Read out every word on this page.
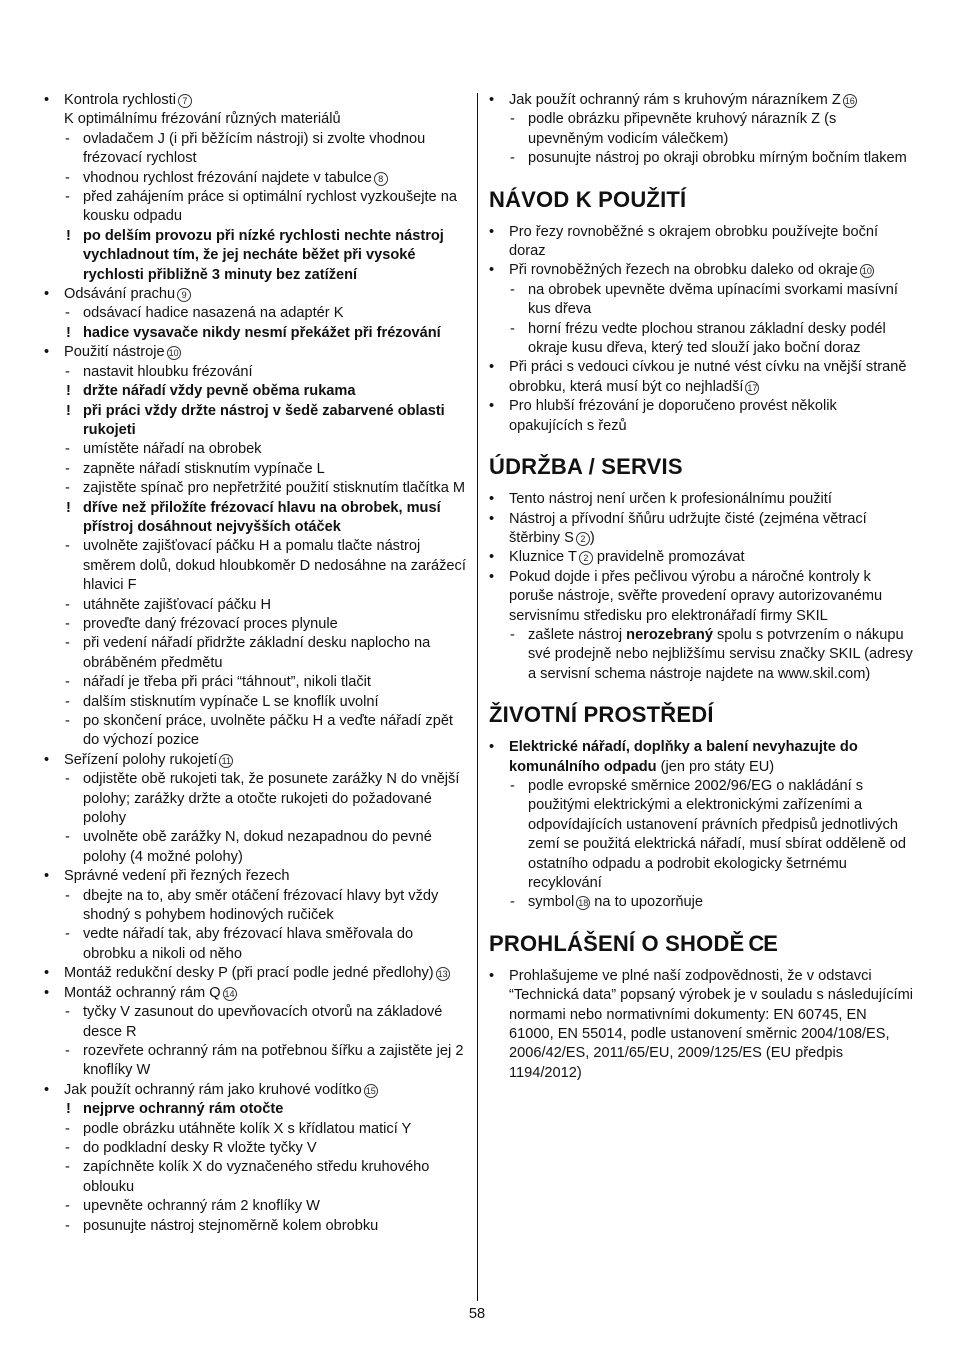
• Kontrola rychlosti 7
K optimálnímu frézování různých materiálů
- ovladačem J (i při běžícím nástroji) si zvolte vhodnou frézovací rychlost
- vhodnou rychlost frézování najdete v tabulce 8
- před zahájením práce si optimální rychlost vyzkoušejte na kousku odpadu
! po delším provozu při nízké rychlosti nechte nástroj vychladnout tím, že jej necháte běžet při vysoké rychlosti přibližně 3 minuty bez zatížení
• Odsávání prachu 9
- odsávací hadice nasazená na adaptér K
! hadice vysavače nikdy nesmí překážet při frézování
• Použití nástroje 10
- nastavit hloubku frézování
! držte nářadí vždy pevně oběma rukama
! při práci vždy držte nástroj v šedě zabarvené oblasti rukojeti
- umístěte nářadí na obrobek
- zapněte nářadí stisknutím vypínače L
- zajistěte spínač pro nepřetržité použití stisknutím tlačítka M
! dříve než přiložíte frézovací hlavu na obrobek, musí přístroj dosáhnout nejvyšších otáček
- uvolněte zajišťovací páčku H a pomalu tlačte nástroj směrem dolů, dokud hloubkoměr D nedosáhne na zarážecí hlavici F
- utáhněte zajišťovací páčku H
- proveďte daný frézovací proces plynule
- při vedení nářadí přidržte základní desku naplocho na obráběném předmětu
- nářadí je třeba při práci “táhnout”, nikoli tlačit
- dalším stisknutím vypínače L se knoflík uvolní
- po skončení práce, uvolněte páčku H a veďte nářadí zpět do výchozí pozice
• Seřízení polohy rukojetí 11
- odjistěte obě rukojeti tak, že posunete zarážky N do vnější polohy; zarážky držte a otočte rukojeti do požadované polohy
- uvolněte obě zarážky N, dokud nezapadnou do pevné polohy (4 možné polohy)
• Správné vedení při řezných řezech
- dbejte na to, aby směr otáčení frézovací hlavy byt vždy shodný s pohybem hodinových ručiček
- vedte nářadí tak, aby frézovací hlava směřovala do obrobku a nikoli od něho
• Montáž redukční desky P (při prací podle jedné předlohy) 13
• Montáž ochranný rám Q 14
- tyčky V zasunout do upevňovacích otvorů na základové desce R
- rozevřete ochranný rám na potřebnou šířku a zajistěte jej 2 knoflíky W
• Jak použít ochranný rám jako kruhové vodítko 15
! nejprve ochranný rám otočte
- podle obrázku utáhněte kolík X s křídlatou maticí Y
- do podkladní desky R vložte tyčky V
- zapíchněte kolík X do vyznačeného středu kruhového oblouku
- upevněte ochranný rám 2 knoflíky W
- posunujte nástroj stejnoměrně kolem obrobku
• Jak použít ochranný rám s kruhovým nárazníkem Z 16
- podle obrázku připevněte kruhový nárazník Z (s upevněným vodicím válečkem)
- posunujte nástroj po okraji obrobku mírným bočním tlakem
NÁVOD K POUŽITÍ
• Pro řezy rovnoběžné s okrajem obrobku používejte boční doraz
• Při rovnoběžných řezech na obrobku daleko od okraje 10
- na obrobek upevněte dvěma upínacími svorkami masívní kus dřeva
- horní frézu vedte plochou stranou základní desky podél okraje kusu dřeva, který ted slouží jako boční doraz
• Při práci s vedouci cívkou je nutné vést cívku na vnější straně obrobku, která musí být co nejhladší 17
• Pro hlubší frézování je doporučeno provést několik opakujících s řezů
ÚDRŽBA / SERVIS
• Tento nástroj není určen k profesionálnímu použití
• Nástroj a přívodní šňůru udržujte čisté (zejména větrací štěrbiny S 2 )
• Kluznice T 2 pravidelně promozávat
• Pokud dojde i přes pečlivou výrobu a náročné kontroly k poruše nástroje, svěřte provedení opravy autorizovanému servisnímu středisku pro elektronářadí firmy SKIL
- zašlete nástroj nerozebraný spolu s potvrzením o nákupu své prodejně nebo nejbližšímu servisu značky SKIL (adresy a servisní schema nástroje najdete na www.skil.com)
ŽIVOTNÍ PROSTŘEDÍ
• Elektrické nářadí, doplňky a balení nevyhazujte do komunálního odpadu (jen pro státy EU)
- podle evropské směrnice 2002/96/EG o nakládání s použitými elektrickými a elektronickými zařízeními a odpovídajících ustanovení právních předpisů jednotlivých zemí se použitá elektrická nářadí, musí sbírat odděleně od ostatního odpadu a podrobit ekologicky šetrnému recyklování
- symbol 18 na to upozorňuje
PROHLÁŠENÍ O SHODĚ CE
• Prohlašujeme ve plné naší zodpovědnosti, že v odstavci “Technická data” popsaný výrobek je v souladu s následujícími normami nebo normativními dokumenty: EN 60745, EN 61000, EN 55014, podle ustanovení směrnic 2004/108/ES, 2006/42/ES, 2011/65/EU, 2009/125/ES (EU předpis 1194/2012)
58
